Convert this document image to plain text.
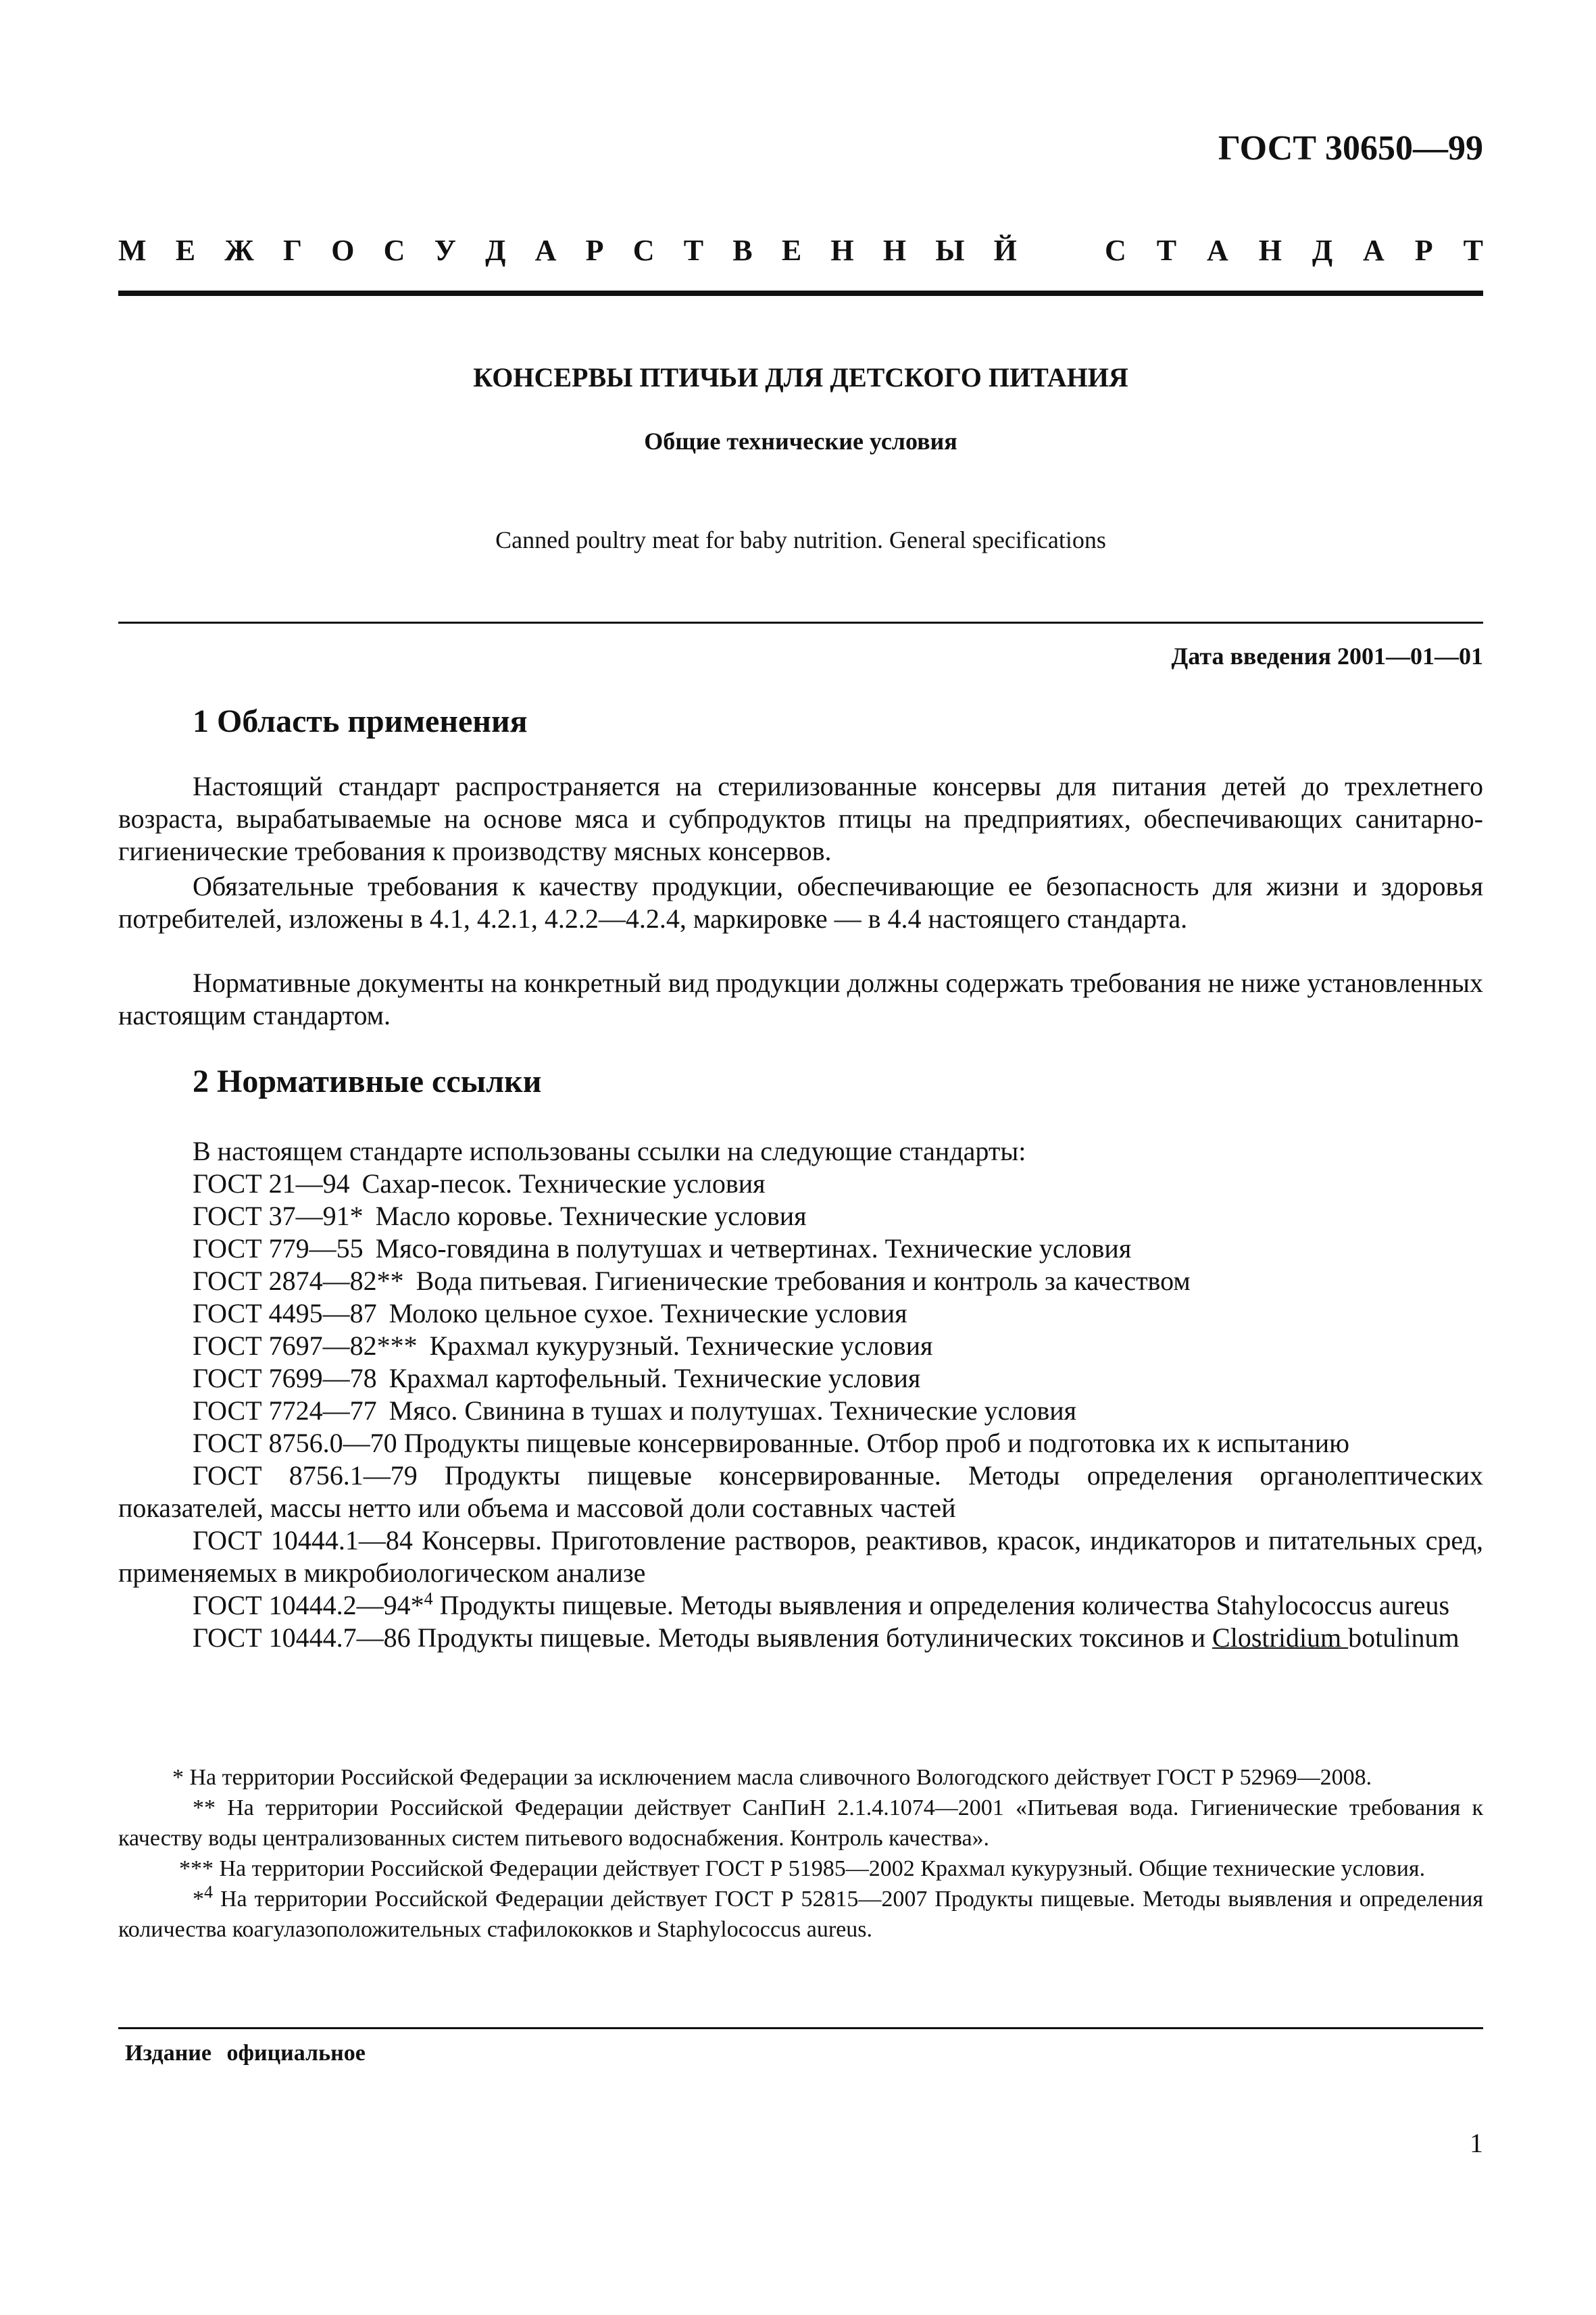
ГОСТ 30650—99
М Е Ж Г О С У Д А Р С Т В Е Н Н Ы Й	С Т А Н Д А Р Т
КОНСЕРВЫ ПТИЧЬИ ДЛЯ ДЕТСКОГО ПИТАНИЯ
Общие технические условия
Canned poultry meat for baby nutrition. General specifications
Дата введения 2001—01—01
1 Область применения
Настоящий стандарт распространяется на стерилизованные консервы для питания детей до трехлетнего возраста, вырабатываемые на основе мяса и субпродуктов птицы на предприятиях, обеспечивающих санитарно-гигиенические требования к производству мясных консервов.
Обязательные требования к качеству продукции, обеспечивающие ее безопасность для жизни и здоровья потребителей, изложены в 4.1, 4.2.1, 4.2.2—4.2.4, маркировке — в 4.4 настоящего стандарта.
Нормативные документы на конкретный вид продукции должны содержать требования не ниже установленных настоящим стандартом.
2 Нормативные ссылки
В настоящем стандарте использованы ссылки на следующие стандарты:
ГОСТ 21—94 Сахар-песок. Технические условия
ГОСТ 37—91* Масло коровье. Технические условия
ГОСТ 779—55 Мясо-говядина в полутушах и четвертинах. Технические условия
ГОСТ 2874—82** Вода питьевая. Гигиенические требования и контроль за качеством
ГОСТ 4495—87 Молоко цельное сухое. Технические условия
ГОСТ 7697—82*** Крахмал кукурузный. Технические условия
ГОСТ 7699—78 Крахмал картофельный. Технические условия
ГОСТ 7724—77 Мясо. Свинина в тушах и полутушах. Технические условия
ГОСТ 8756.0—70 Продукты пищевые консервированные. Отбор проб и подготовка их к испытанию
ГОСТ 8756.1—79 Продукты пищевые консервированные. Методы определения органолептических показателей, массы нетто или объема и массовой доли составных частей
ГОСТ 10444.1—84 Консервы. Приготовление растворов, реактивов, красок, индикаторов и питательных сред, применяемых в микробиологическом анализе
ГОСТ 10444.2—94*$^4$ Продукты пищевые. Методы выявления и определения количества Stahylococcus aureus
ГОСТ 10444.7—86 Продукты пищевые. Методы выявления ботулинических токсинов и Clostridium botulinum
* На территории Российской Федерации за исключением масла сливочного Вологодского действует ГОСТ Р 52969—2008.
** На территории Российской Федерации действует СанПиН 2.1.4.1074—2001 «Питьевая вода. Гигиенические требования к качеству воды централизованных систем питьевого водоснабжения. Контроль качества».
*** На территории Российской Федерации действует ГОСТ Р 51985—2002 Крахмал кукурузный. Общие технические условия.
*$^4$ На территории Российской Федерации действует ГОСТ Р 52815—2007 Продукты пищевые. Методы выявления и определения количества коагулазоположительных стафилококков и Staphylococcus aureus.
Издание официальное
1
